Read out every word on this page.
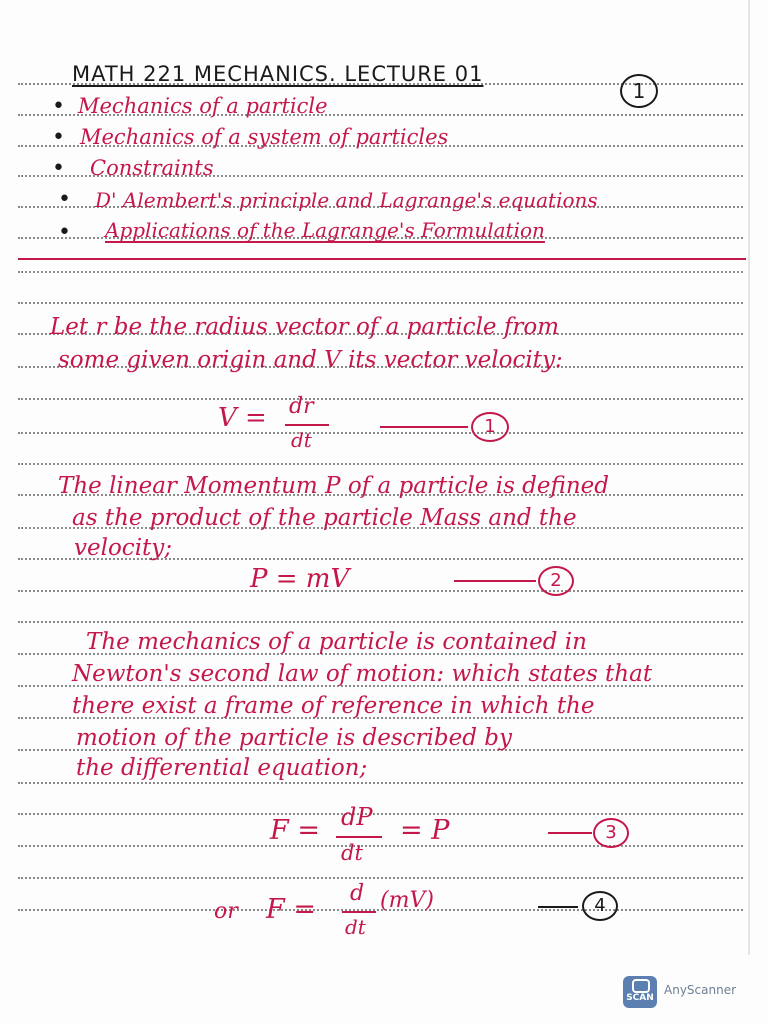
MATH 221 MECHANICS. LECTURE 01
1
• Mechanics of a particle
• Mechanics of a system of particles
• Constraints
• D' Alembert's principle and Lagrange's equations
• Applications of the Lagrange's Formulation
Let r be the radius vector of a particle from
some given origin and V its vector velocity:
V = dr
dt
1
The linear Momentum P of a particle is defined
as the product of the particle Mass and the
velocity;
P = mV	2
The mechanics of a particle is contained in
Newton's second law of motion: which states that
there exist a frame of reference in which the
motion of the particle is described by
the differential equation;
F = dP
dt
= P	3
or F =
d
dt
(mV)	4
SCAN
AnyScanner
